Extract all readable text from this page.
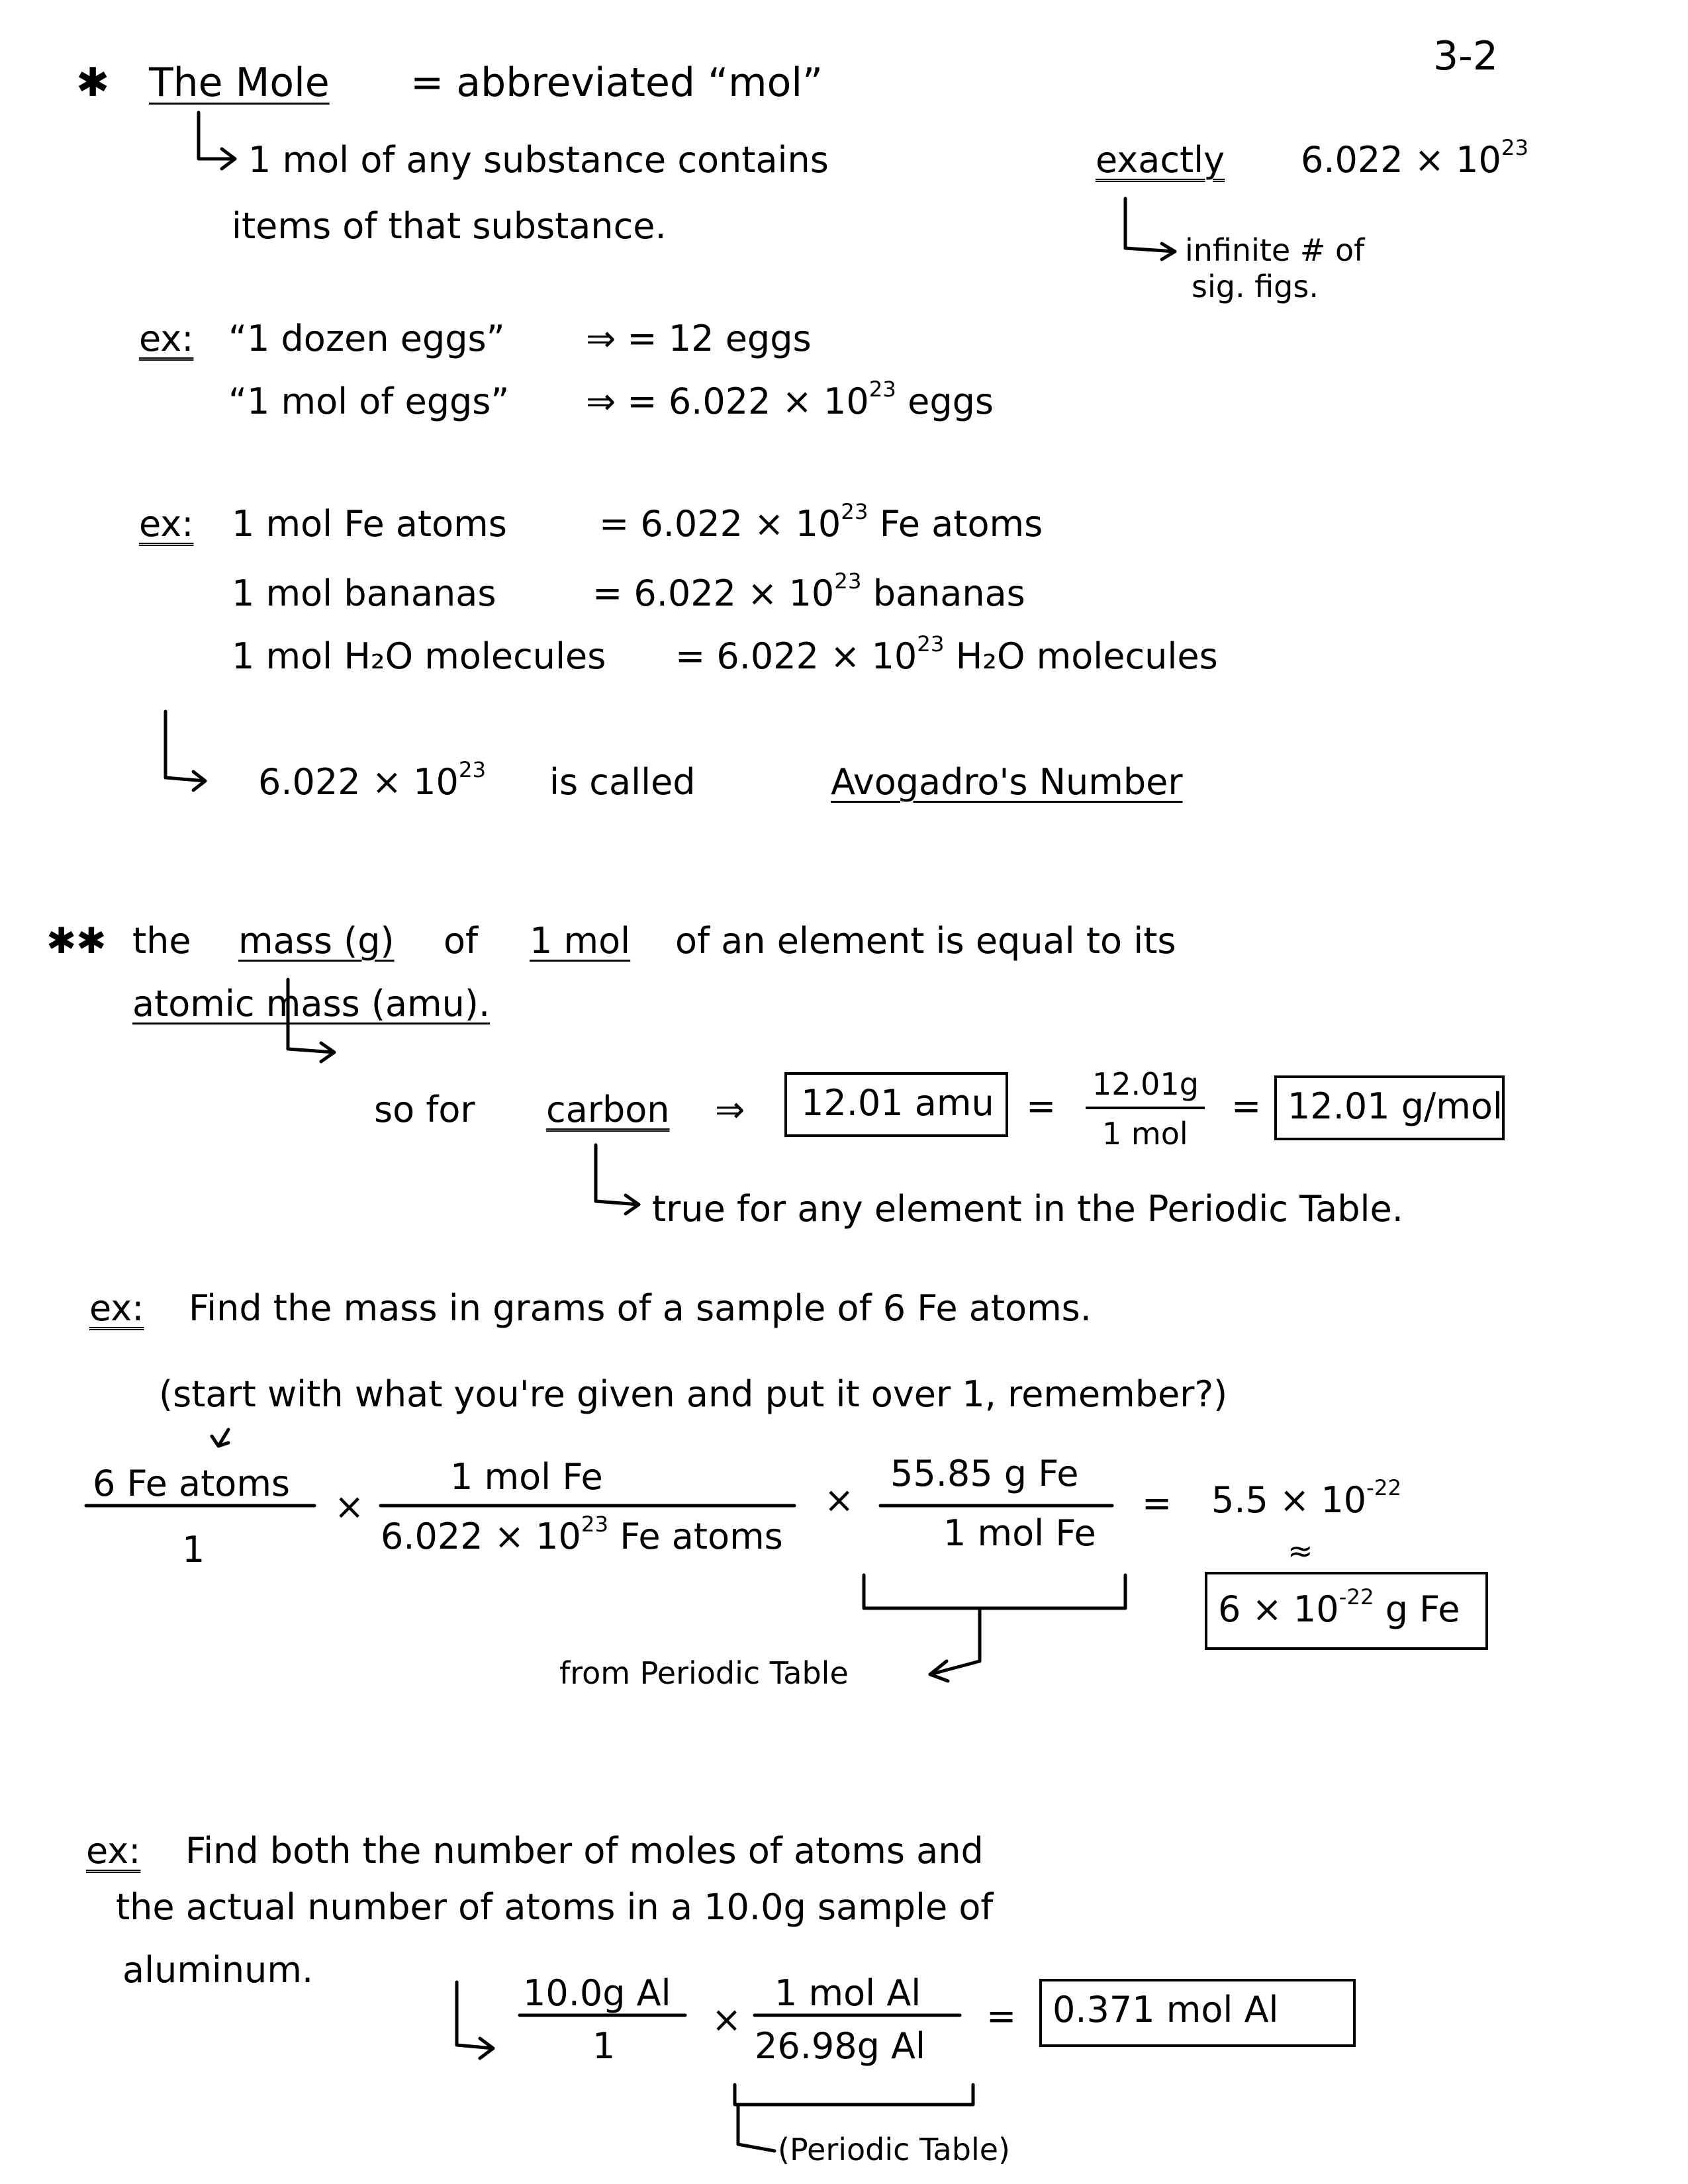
3-2
✱ The Mole = abbreviated “mol”
1 mol of any substance contains	exactly $6.022 \times 10^{23}$
items of that substance.
infinite # of
sig. figs.
ex: “1 dozen eggs” ⇒ = 12 eggs
“1 mol of eggs” ⇒ = $6.022 \times 10^{23}$ eggs
ex: 1 mol Fe atoms	= $6.022 \times 10^{23}$ Fe atoms
1 mol bananas	= $6.022 \times 10^{23}$ bananas
1 mol H₂O molecules = $6.022 \times 10^{23}$ H₂O molecules
$6.022 \times 10^{23}$ is called	Avogadro's Number
✱✱ the mass (g) of 1 mol of an element is equal to its
atomic mass (amu).
so for carbon ⇒ 12.01 amu =
12.01g
1 mol
= 12.01 g/mol
true for any element in the Periodic Table.
ex: Find the mass in grams of a sample of 6 Fe atoms.
(start with what you're given and put it over 1, remember?)
6 Fe atoms
1
×
1 mol Fe
$6.022 \times 10^{23}$ Fe atoms
×
55.85 g Fe
1 mol Fe
= $5.5 \times 10^{-22}$
≈
$6 \times 10^{-22}$ g Fe
from Periodic Table
ex: Find both the number of moles of atoms and
the actual number of atoms in a 10.0g sample of
aluminum.
10.0g Al
1
×
1 mol Al
26.98g Al
= 0.371 mol Al
(Periodic Table)
